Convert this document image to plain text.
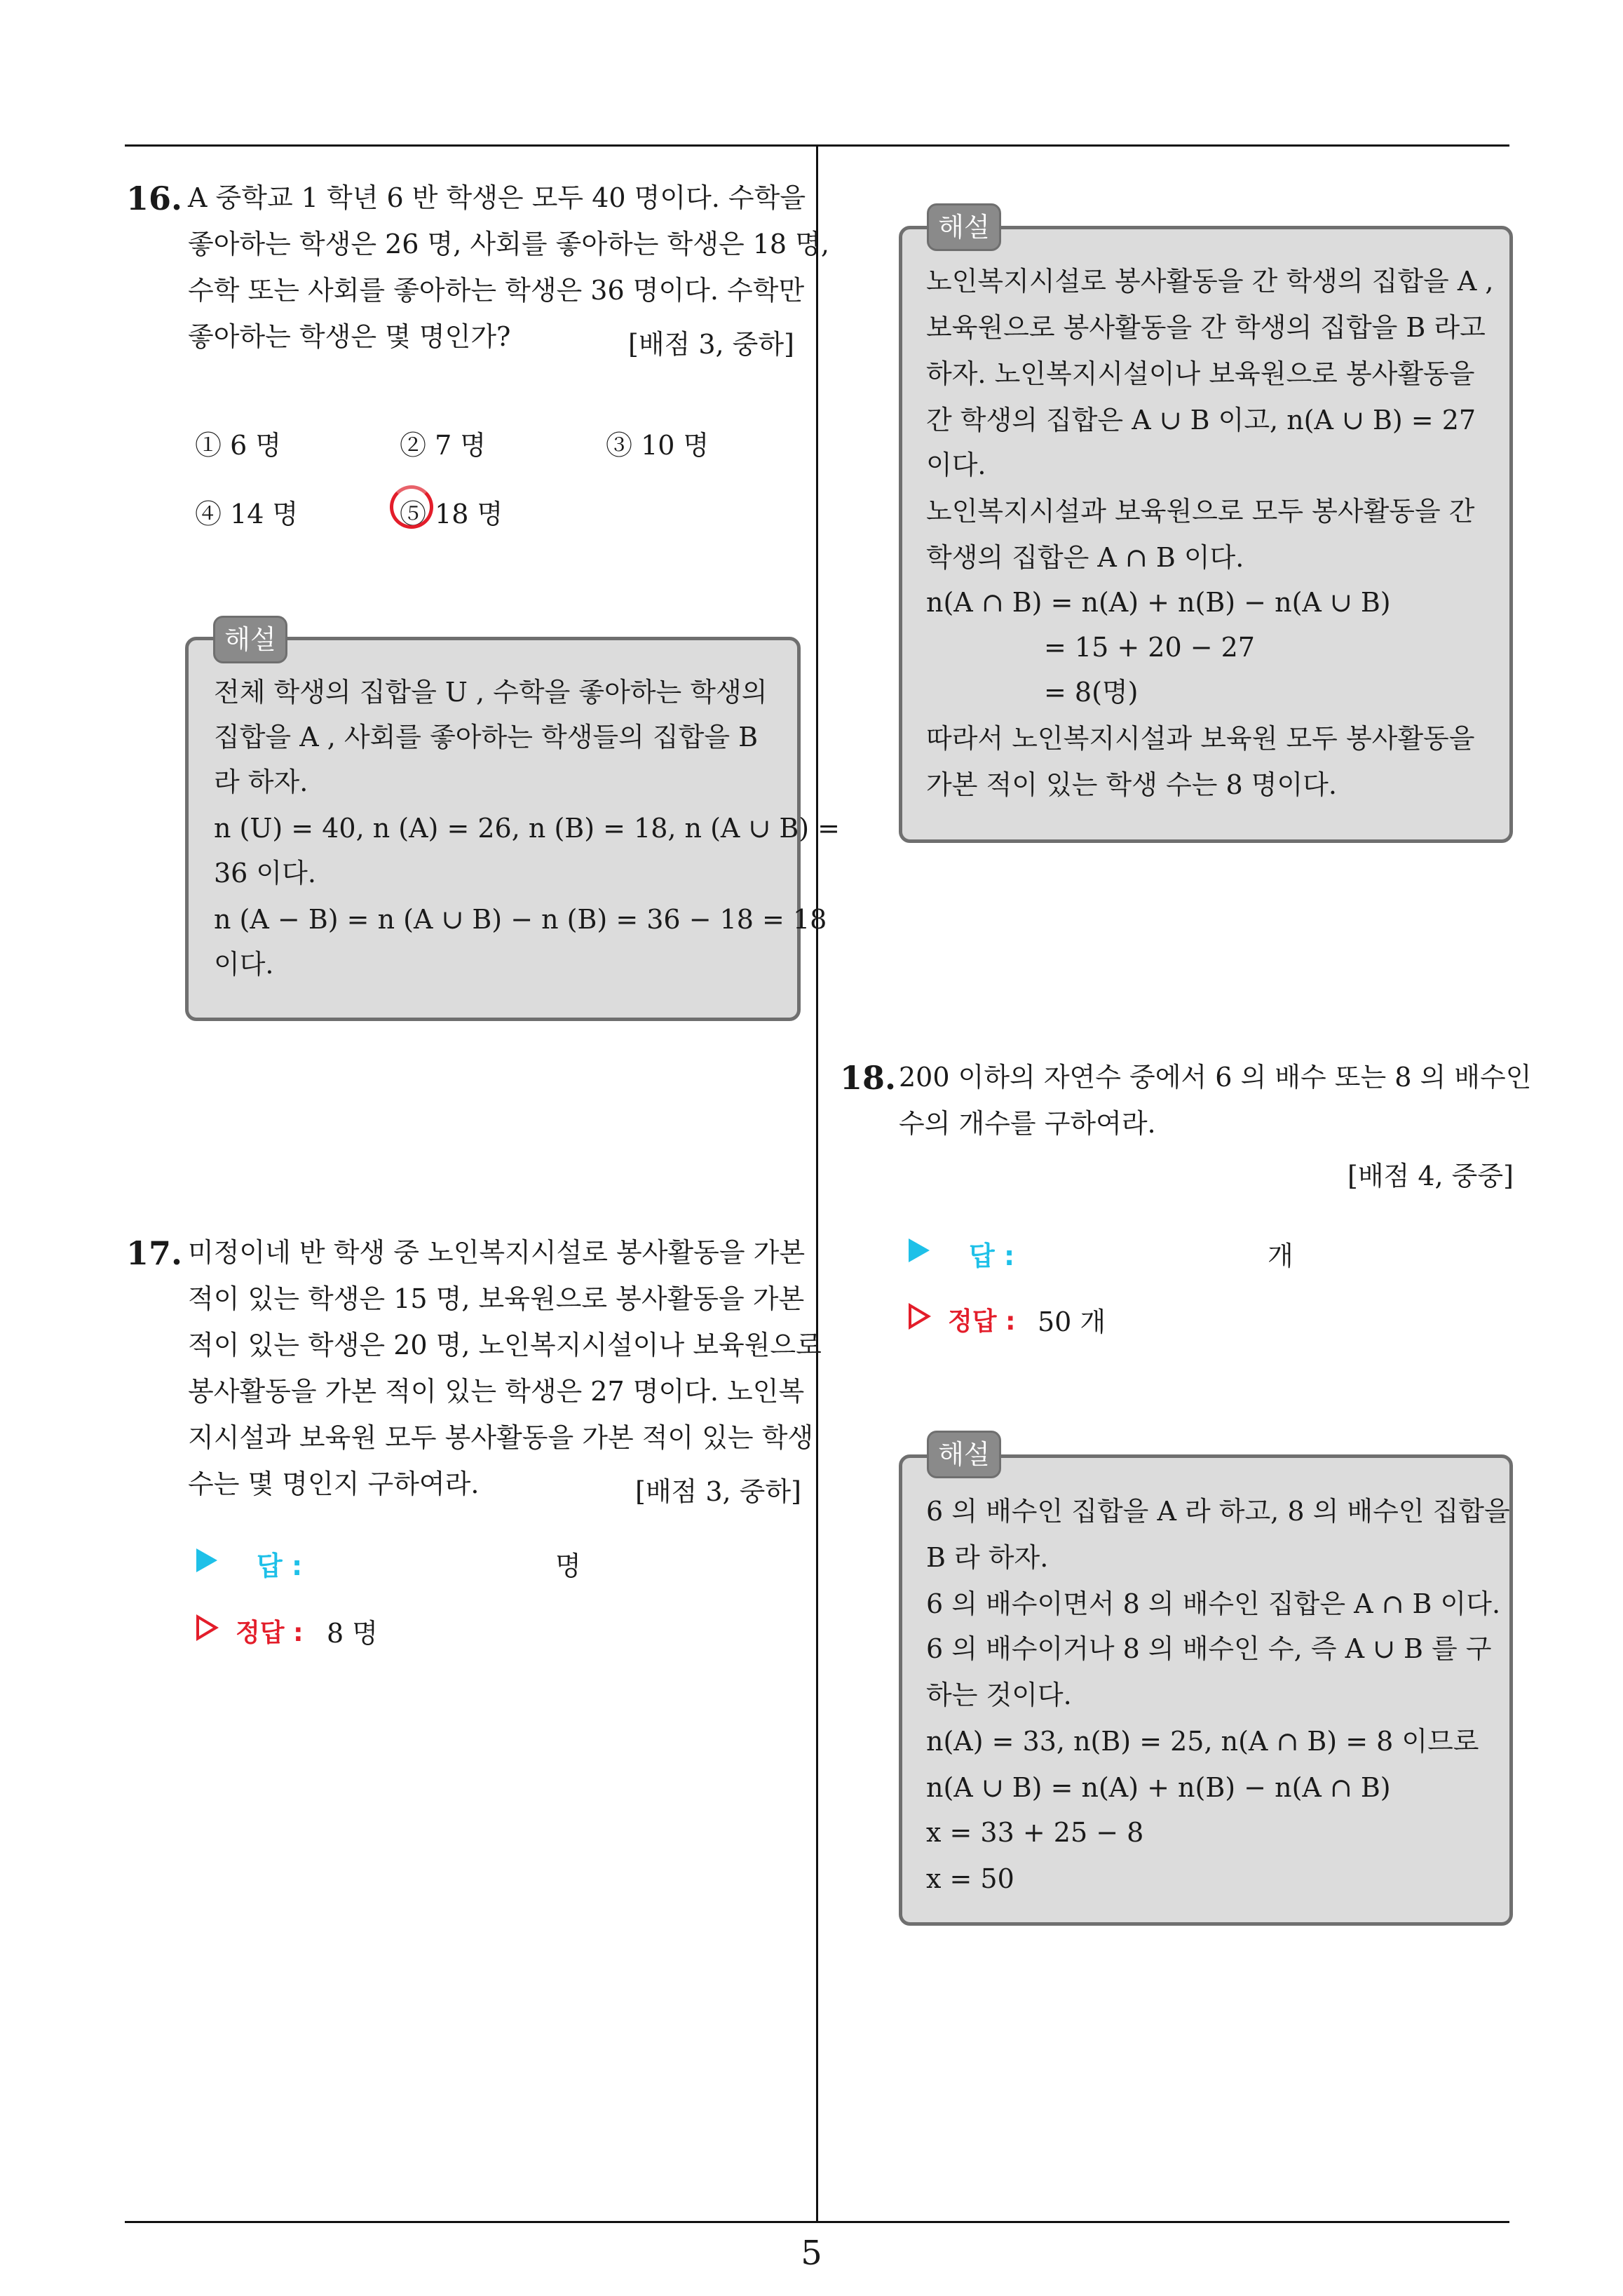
16. A 중학교 1 학년 6 반 학생은 모두 40 명이다. 수학을
좋아하는 학생은 26 명, 사회를 좋아하는 학생은 18 명,
수학 또는 사회를 좋아하는 학생은 36 명이다. 수학만
좋아하는 학생은 몇 명인가?	[배점 3, 중하]
① 6 명	② 7 명	③ 10 명
④ 14 명	⑤ 18 명
전체 학생의 집합을 U , 수학을 좋아하는 학생의
집합을 A , 사회를 좋아하는 학생들의 집합을 B
라 하자.
n (U) = 40, n (A) = 26, n (B) = 18, n (A ∪ B) =
36 이다.
n (A − B) = n (A ∪ B) − n (B) = 36 − 18 = 18
이다.
해설
17. 미정이네 반 학생 중 노인복지시설로 봉사활동을 가본
적이 있는 학생은 15 명, 보육원으로 봉사활동을 가본
적이 있는 학생은 20 명, 노인복지시설이나 보육원으로
봉사활동을 가본 적이 있는 학생은 27 명이다. 노인복
지시설과 보육원 모두 봉사활동을 가본 적이 있는 학생
수는 몇 명인지 구하여라.	[배점 3, 중하]
답 :	명
정답 : 8 명
노인복지시설로 봉사활동을 간 학생의 집합을 A ,
보육원으로 봉사활동을 간 학생의 집합을 B 라고
하자. 노인복지시설이나 보육원으로 봉사활동을
간 학생의 집합은 A ∪ B 이고, n(A ∪ B) = 27
이다.
노인복지시설과 보육원으로 모두 봉사활동을 간
학생의 집합은 A ∩ B 이다.
n(A ∩ B) = n(A) + n(B) − n(A ∪ B)
= 15 + 20 − 27
= 8(명)
따라서 노인복지시설과 보육원 모두 봉사활동을
가본 적이 있는 학생 수는 8 명이다.
해설
18. 200 이하의 자연수 중에서 6 의 배수 또는 8 의 배수인
수의 개수를 구하여라.
[배점 4, 중중]
답 :	개
정답 : 50 개
6 의 배수인 집합을 A 라 하고, 8 의 배수인 집합을
B 라 하자.
6 의 배수이면서 8 의 배수인 집합은 A ∩ B 이다.
6 의 배수이거나 8 의 배수인 수, 즉 A ∪ B 를 구
하는 것이다.
n(A) = 33, n(B) = 25, n(A ∩ B) = 8 이므로
n(A ∪ B) = n(A) + n(B) − n(A ∩ B)
x = 33 + 25 − 8
x = 50
해설
5
